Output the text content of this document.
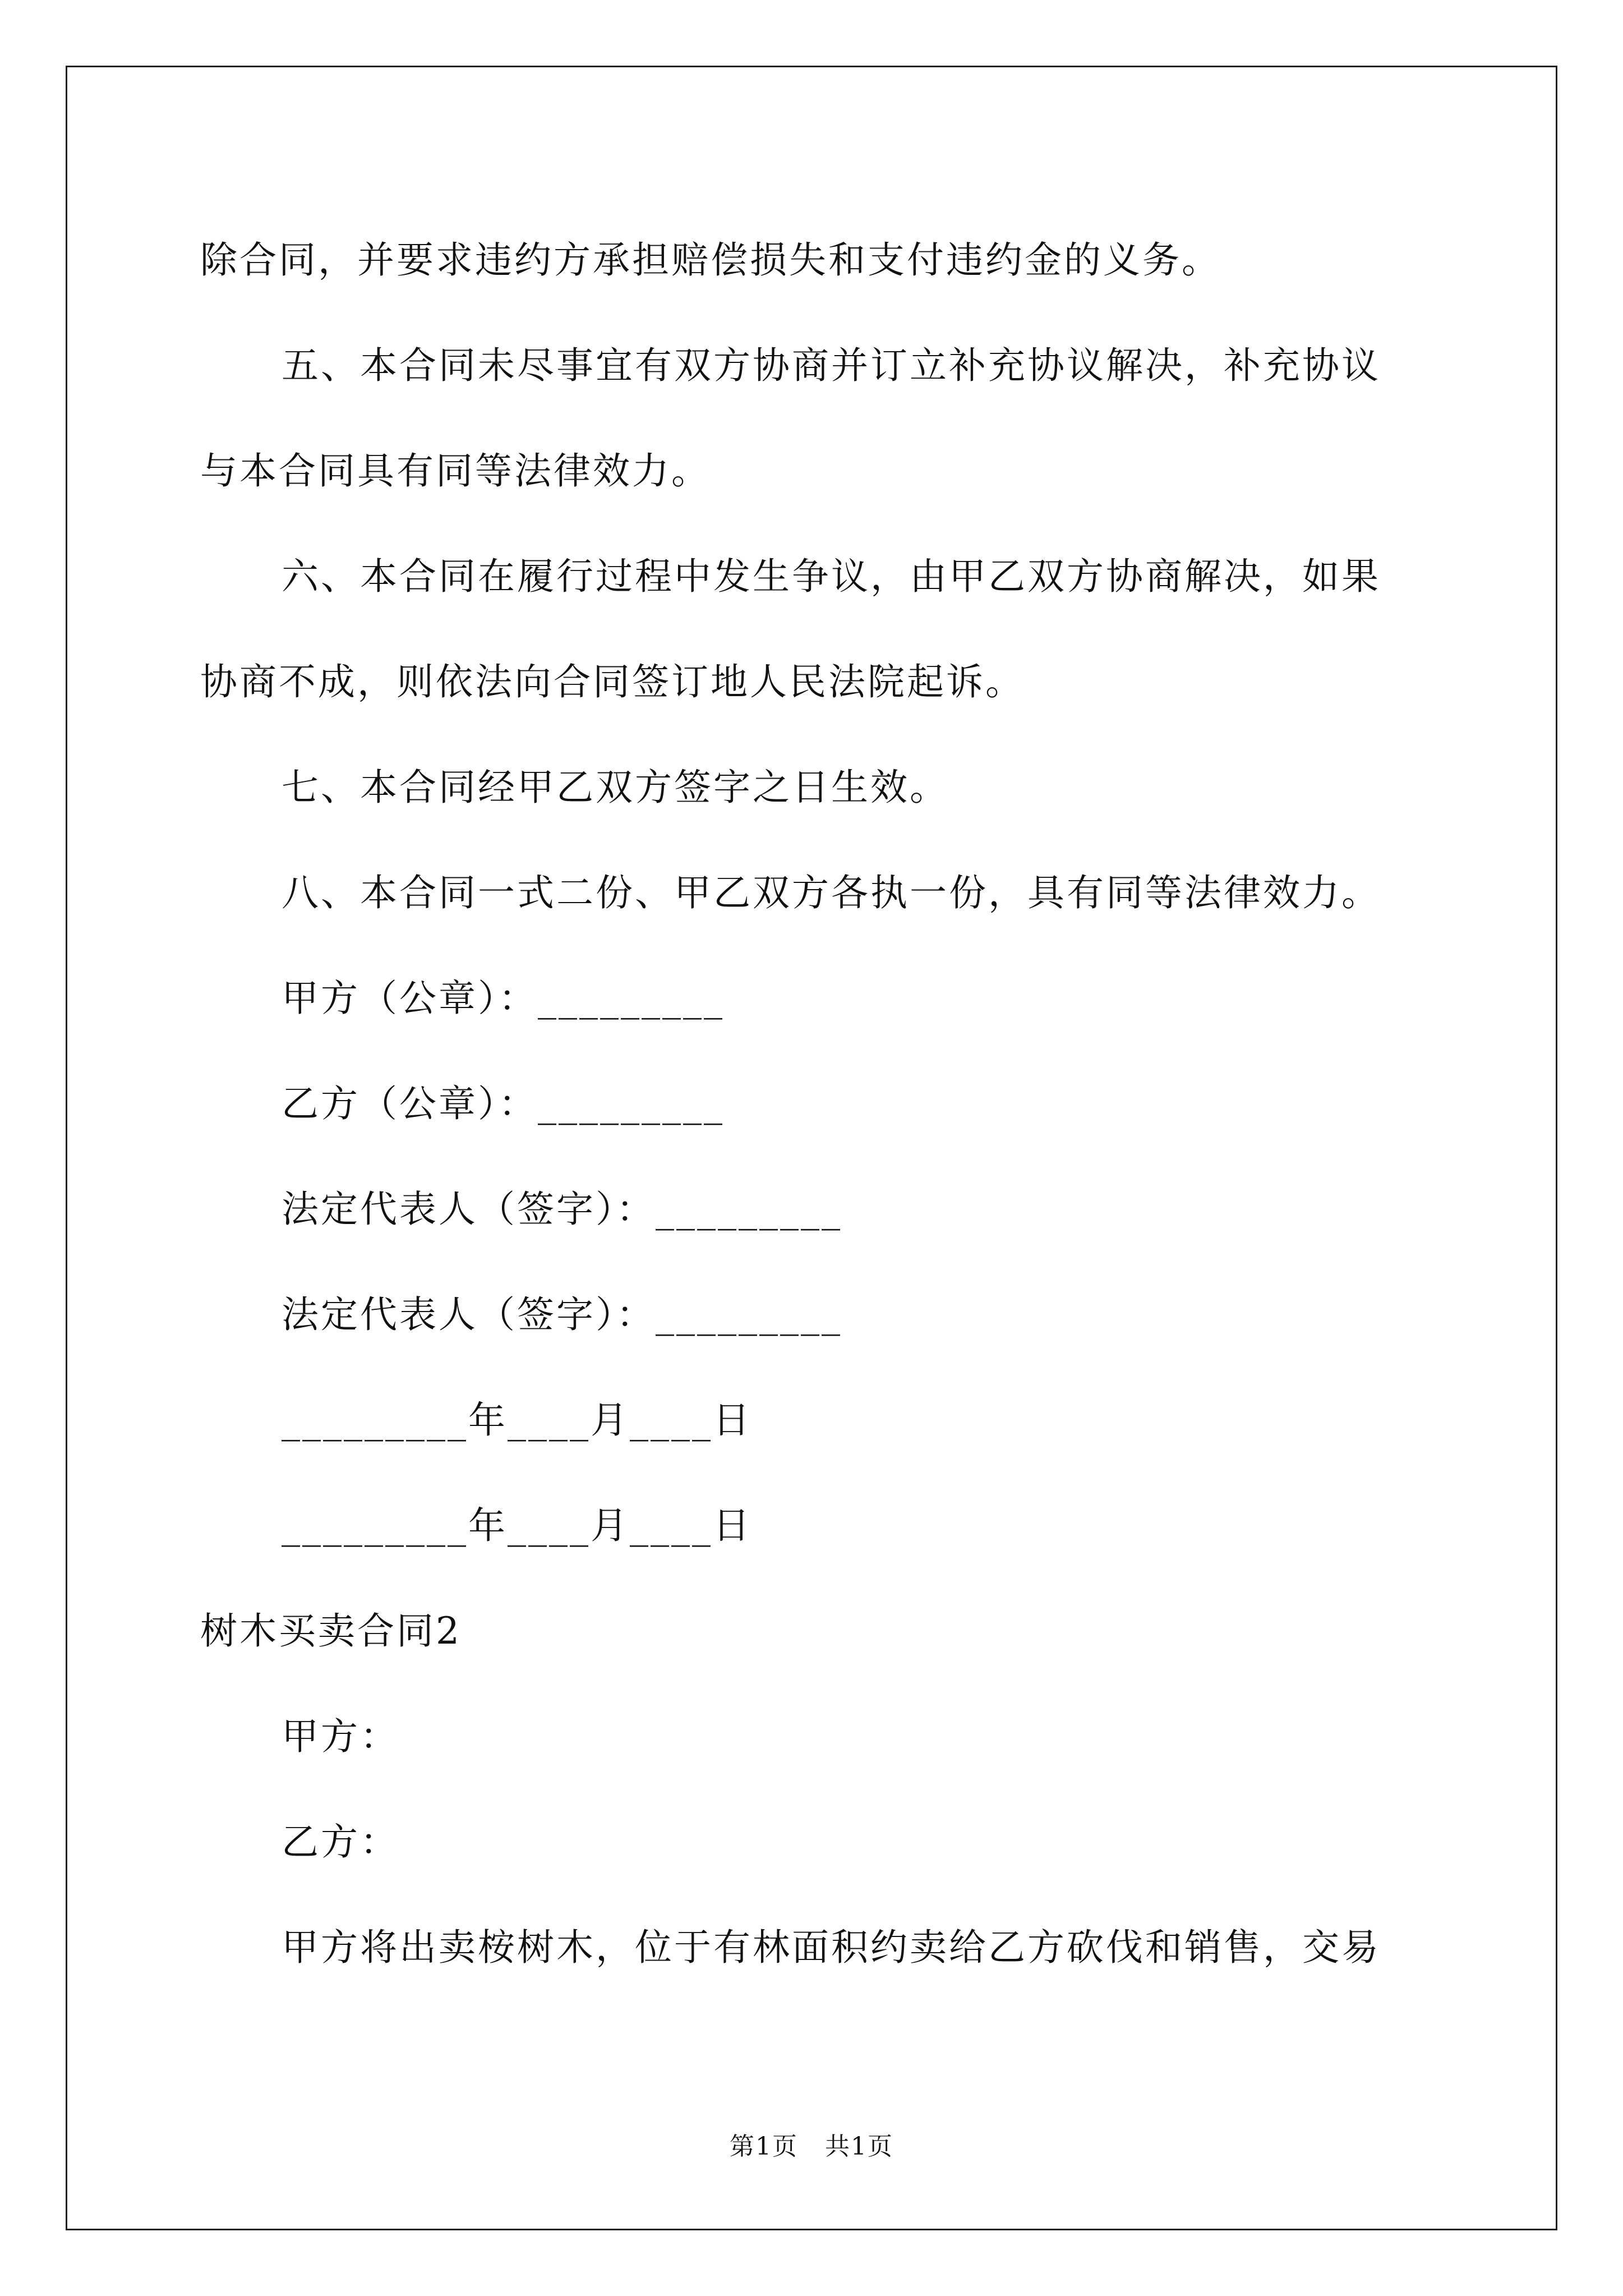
除合同，并要求违约方承担赔偿损失和支付违约金的义务。
五、本合同未尽事宜有双方协商并订立补充协议解决，补充协议
与本合同具有同等法律效力。
六、本合同在履行过程中发生争议，由甲乙双方协商解决，如果
协商不成，则依法向合同签订地人民法院起诉。
七、本合同经甲乙双方签字之日生效。
八、本合同一式二份、甲乙双方各执一份，具有同等法律效力。
甲方（公章）：_________
乙方（公章）：_________
法定代表人（签字）：_________
法定代表人（签字）：_________
_________年____月____日
_________年____月____日
树木买卖合同2
甲方：
乙方：
甲方将出卖桉树木，位于有林面积约卖给乙方砍伐和销售，交易
第1页 共1页
